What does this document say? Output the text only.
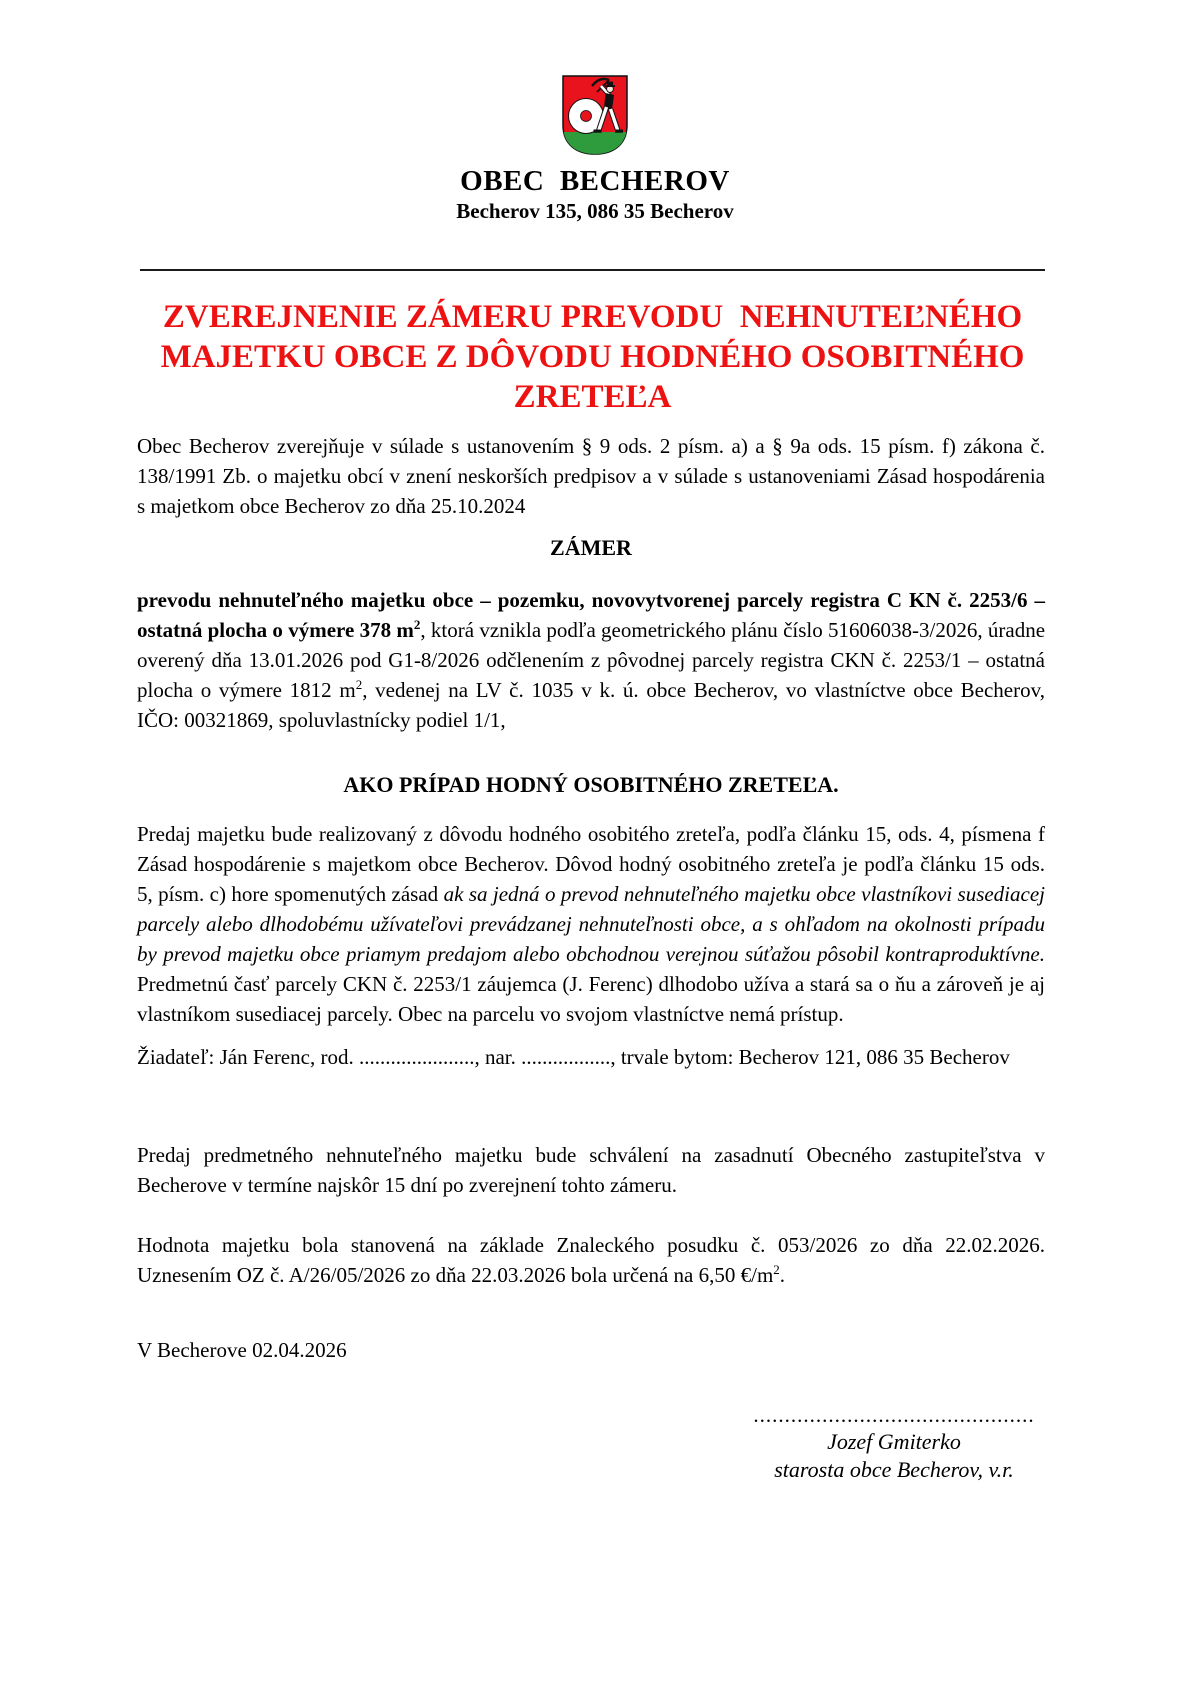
OBEC  BECHEROV
Becherov 135, 086 35 Becherov
ZVEREJNENIE ZÁMERU PREVODU  NEHNUTEĽNÉHO
MAJETKU OBCE Z DÔVODU HODNÉHO OSOBITNÉHO
ZRETEĽA

Obec Becherov zverejňuje v súlade s ustanovením § 9 ods. 2 písm. a) a § 9a ods. 15 písm. f) zákona č. 138/1991 Zb. o majetku obcí v znení neskorších predpisov a v súlade s ustanoveniami Zásad hospodárenia s majetkom obce Becherov zo dňa 25.10.2024

ZÁMER

prevodu nehnuteľného majetku obce – pozemku, novovytvorenej parcely registra C KN č. 2253/6 – ostatná plocha o výmere 378 $m^2$, ktorá vznikla podľa geometrického plánu číslo 51606038-3/2026, úradne overený dňa 13.01.2026 pod G1-8/2026 odčlenením z pôvodnej parcely registra CKN č. 2253/1 – ostatná plocha o výmere 1812 $m^2$, vedenej na LV č. 1035 v k. ú. obce Becherov, vo vlastníctve obce Becherov, IČO: 00321869, spoluvlastnícky podiel 1/1,

AKO PRÍPAD HODNÝ OSOBITNÉHO ZRETEĽA.

Predaj majetku bude realizovaný z dôvodu hodného osobitého zreteľa, podľa článku 15, ods. 4, písmena f Zásad hospodárenie s majetkom obce Becherov. Dôvod hodný osobitného zreteľa je podľa článku 15 ods. 5, písm. c) hore spomenutých zásad ak sa jedná o prevod nehnuteľného majetku obce vlastníkovi susediacej parcely alebo dlhodobému užívateľovi prevádzanej nehnuteľnosti obce, a s ohľadom na okolnosti prípadu by prevod majetku obce priamym predajom alebo obchodnou verejnou súťažou pôsobil kontraproduktívne. Predmetnú časť parcely CKN č. 2253/1 záujemca (J. Ferenc) dlhodobo užíva a stará sa o ňu a zároveň je aj vlastníkom susediacej parcely. Obec na parcelu vo svojom vlastníctve nemá prístup.

Žiadateľ: Ján Ferenc, rod. ......................, nar. ................., trvale bytom: Becherov 121, 086 35 Becherov

Predaj predmetného nehnuteľného majetku bude schválení na zasadnutí Obecného zastupiteľstva v Becherove v termíne najskôr 15 dní po zverejnení tohto zámeru.

Hodnota majetku bola stanovená na základe Znaleckého posudku č. 053/2026 zo dňa 22.02.2026. Uznesením OZ č. A/26/05/2026 zo dňa 22.03.2026 bola určená na 6,50 $€/m^2$.

V Becherove 02.04.2026

.............................................
Jozef Gmiterko
starosta obce Becherov, v.r.
